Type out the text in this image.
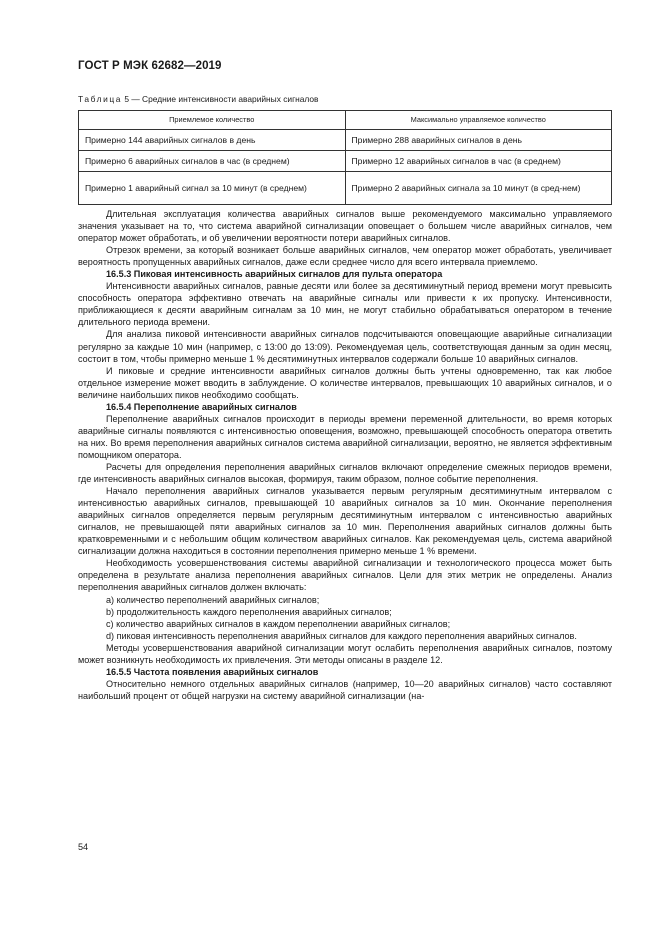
ГОСТ Р МЭК 62682—2019
Таблица 5 — Средние интенсивности аварийных сигналов
Приемлемое количество	Максимально управляемое количество
Примерно 144 аварийных сигналов в день	Примерно 288 аварийных сигналов в день
Примерно 6 аварийных сигналов в час (в среднем)	Примерно 12 аварийных сигналов в час (в среднем)
Примерно 1 аварийный сигнал за 10 минут (в среднем)	Примерно 2 аварийных сигнала за 10 минут (в сред-нем)

Длительная эксплуатация количества аварийных сигналов выше рекомендуемого максимально управляемого значения указывает на то, что система аварийной сигнализации оповещает о большем числе аварийных сигналов, чем оператор может обработать, и об увеличении вероятности потери аварийных сигналов.

Отрезок времени, за который возникает больше аварийных сигналов, чем оператор может обработать, увеличивает вероятность пропущенных аварийных сигналов, даже если среднее число для всего интервала приемлемо.

16.5.3 Пиковая интенсивность аварийных сигналов для пульта оператора

Интенсивности аварийных сигналов, равные десяти или более за десятиминутный период времени могут превысить способность оператора эффективно отвечать на аварийные сигналы или привести к их пропуску. Интенсивности, приближающиеся к десяти аварийным сигналам за 10 мин, не могут стабильно обрабатываться оператором в течение длительного периода времени.

Для анализа пиковой интенсивности аварийных сигналов подсчитываются оповещающие аварийные сигнализации регулярно за каждые 10 мин (например, с 13:00 до 13:09). Рекомендуемая цель, соответствующая данным за один месяц, состоит в том, чтобы примерно меньше 1 % десятиминутных интервалов содержали больше 10 аварийных сигналов.

И пиковые и средние интенсивности аварийных сигналов должны быть учтены одновременно, так как любое отдельное измерение может вводить в заблуждение. О количестве интервалов, превышающих 10 аварийных сигналов, и о величине наибольших пиков необходимо сообщать.

16.5.4 Переполнение аварийных сигналов

Переполнение аварийных сигналов происходит в периоды времени переменной длительности, во время которых аварийные сигналы появляются с интенсивностью оповещения, возможно, превышающей способность оператора ответить на них. Во время переполнения аварийных сигналов система аварийной сигнализации, вероятно, не является эффективным помощником оператора.

Расчеты для определения переполнения аварийных сигналов включают определение смежных периодов времени, где интенсивность аварийных сигналов высокая, формируя, таким образом, полное событие переполнения.

Начало переполнения аварийных сигналов указывается первым регулярным десятиминутным интервалом с интенсивностью аварийных сигналов, превышающей 10 аварийных сигналов за 10 мин. Окончание переполнения аварийных сигналов определяется первым регулярным десятиминутным интервалом с интенсивностью аварийных сигналов, не превышающей пяти аварийных сигналов за 10 мин. Переполнения аварийных сигналов должны быть кратковременными и с небольшим общим количеством аварийных сигналов. Как рекомендуемая цель, система аварийной сигнализации должна находиться в состоянии переполнения примерно меньше 1 % времени.

Необходимость усовершенствования системы аварийной сигнализации и технологического процесса может быть определена в результате анализа переполнения аварийных сигналов. Цели для этих метрик не определены. Анализ переполнения аварийных сигналов должен включать:

a) количество переполнений аварийных сигналов;

b) продолжительность каждого переполнения аварийных сигналов;

c) количество аварийных сигналов в каждом переполнении аварийных сигналов;

d) пиковая интенсивность переполнения аварийных сигналов для каждого переполнения аварийных сигналов.

Методы усовершенствования аварийной сигнализации могут ослабить переполнения аварийных сигналов, поэтому может возникнуть необходимость их привлечения. Эти методы описаны в разделе 12.

16.5.5 Частота появления аварийных сигналов

Относительно немного отдельных аварийных сигналов (например, 10—20 аварийных сигналов) часто составляют наибольший процент от общей нагрузки на систему аварийной сигнализации (на-

54
